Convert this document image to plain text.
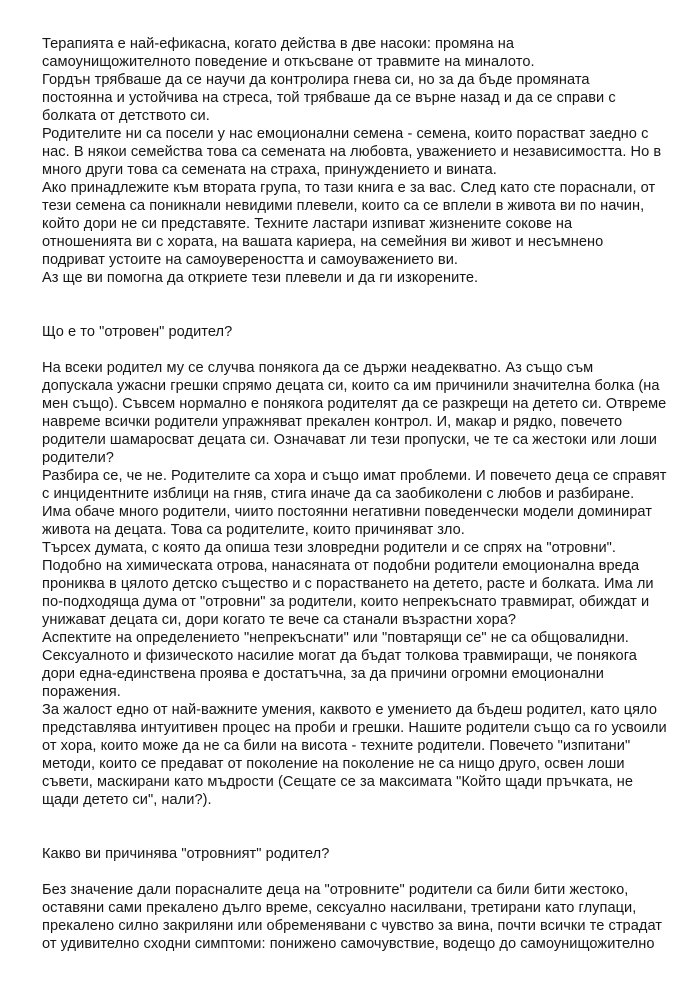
Терапията е най-ефикасна, когато действа в две насоки: промяна на

самоунищожителното поведение и откъсване от травмите на миналото.

Гордън трябваше да се научи да контролира гнева си, но за да бъде промяната

постоянна и устойчива на стреса, той трябваше да се върне назад и да се справи с

болката от детството си.

Родителите ни са посели у нас емоционални семена - семена, които порастват заедно с

нас. В някои семейства това са семената на любовта, уважението и независимостта. Но в

много други това са семената на страха, принуждението и вината.

Ако принадлежите към втората група, то тази книга е за вас. След като сте пораснали, от

тези семена са поникнали невидими плевели, които са се вплели в живота ви по начин,

който дори не си представяте. Техните ластари изпиват жизнените сокове на

отношенията ви с хората, на вашата кариера, на семейния ви живот и несъмнено

подриват устоите на самоувереността и самоуважението ви.

Аз ще ви помогна да откриете тези плевели и да ги изкорените.

Що е то "отровен" родител?

На всеки родител му се случва понякога да се държи неадекватно. Аз също съм

допускала ужасни грешки спрямо децата си, които са им причинили значителна болка (на

мен също). Съвсем нормално е понякога родителят да се разкрещи на детето си. Отвреме

навреме всички родители упражняват прекален контрол. И, макар и рядко, повечето

родители шамаросват децата си. Означават ли тези пропуски, че те са жестоки или лоши

родители?

Разбира се, че не. Родителите са хора и също имат проблеми. И повечето деца се справят

с инцидентните изблици на гняв, стига иначе да са заобиколени с любов и разбиране.

Има обаче много родители, чиито постоянни негативни поведенчески модели доминират

живота на децата. Това са родителите, които причиняват зло.

Търсех думата, с която да опиша тези зловредни родители и се спрях на "отровни".

Подобно на химическата отрова, нанасяната от подобни родители емоционална вреда

прониква в цялото детско същество и с порастването на детето, расте и болката. Има ли

по-подходяща дума от "отровни" за родители, които непрекъснато травмират, обиждат и

унижават децата си, дори когато те вече са станали възрастни хора?

Аспектите на определението "непрекъснати" или "повтарящи се" не са общовалидни.

Сексуалното и физическото насилие могат да бъдат толкова травмиращи, че понякога

дори една-единствена проява е достатъчна, за да причини огромни емоционални

поражения.

За жалост едно от най-важните умения, каквото е умението да бъдеш родител, като цяло

представлява интуитивен процес на проби и грешки. Нашите родители също са го усвоили

от хора, които може да не са били на висота - техните родители. Повечето "изпитани"

методи, които се предават от поколение на поколение не са нищо друго, освен лоши

съвети, маскирани като мъдрости (Сещате се за максимата "Който щади пръчката, не

щади детето си", нали?).

Какво ви причинява "отровният" родител?

Без значение дали порасналите деца на "отровните" родители са били бити жестоко,

оставяни сами прекалено дълго време, сексуално насилвани, третирани като глупаци,

прекалено силно закриляни или обременявани с чувство за вина, почти всички те страдат

от удивително сходни симптоми: понижено самочувствие, водещо до самоунищожително
